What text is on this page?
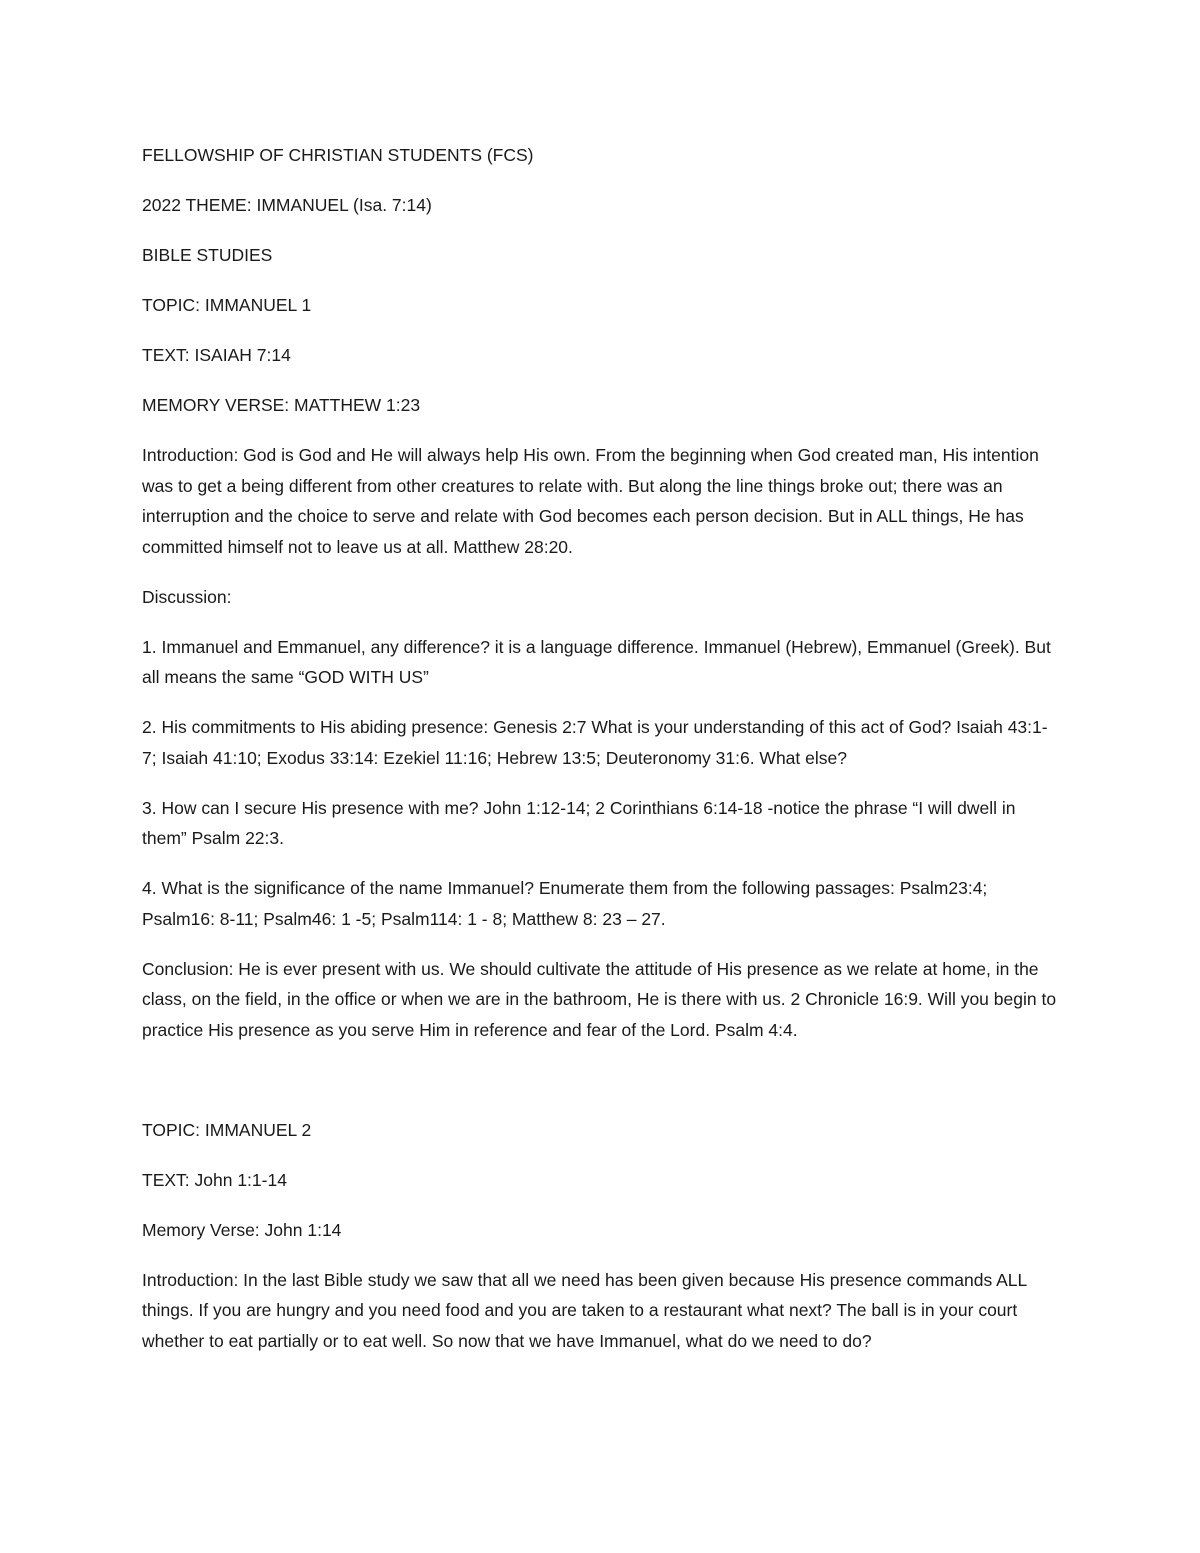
FELLOWSHIP OF CHRISTIAN STUDENTS (FCS)

2022 THEME: IMMANUEL (Isa. 7:14)

BIBLE STUDIES

TOPIC: IMMANUEL 1

TEXT: ISAIAH 7:14

MEMORY VERSE: MATTHEW 1:23

Introduction: God is God and He will always help His own. From the beginning when God created man, His intention was to get a being different from other creatures to relate with. But along the line things broke out; there was an interruption and the choice to serve and relate with God becomes each person decision. But in ALL things, He has committed himself not to leave us at all. Matthew 28:20.

Discussion:

1. Immanuel and Emmanuel, any difference? it is a language difference. Immanuel (Hebrew), Emmanuel (Greek). But all means the same “GOD WITH US”

2. His commitments to His abiding presence: Genesis 2:7 What is your understanding of this act of God? Isaiah 43:1-7; Isaiah 41:10; Exodus 33:14: Ezekiel 11:16; Hebrew 13:5; Deuteronomy 31:6. What else?

3. How can I secure His presence with me? John 1:12-14; 2 Corinthians 6:14-18 -notice the phrase “I will dwell in them” Psalm 22:3.

4. What is the significance of the name Immanuel? Enumerate them from the following passages: Psalm23:4; Psalm16: 8-11; Psalm46: 1 -5; Psalm114: 1 - 8; Matthew 8: 23 – 27.

Conclusion: He is ever present with us. We should cultivate the attitude of His presence as we relate at home, in the class, on the field, in the office or when we are in the bathroom, He is there with us. 2 Chronicle 16:9. Will you begin to practice His presence as you serve Him in reference and fear of the Lord. Psalm 4:4.

TOPIC: IMMANUEL 2

TEXT: John 1:1-14

Memory Verse: John 1:14

Introduction: In the last Bible study we saw that all we need has been given because His presence commands ALL things. If you are hungry and you need food and you are taken to a restaurant what next? The ball is in your court whether to eat partially or to eat well. So now that we have Immanuel, what do we need to do?
